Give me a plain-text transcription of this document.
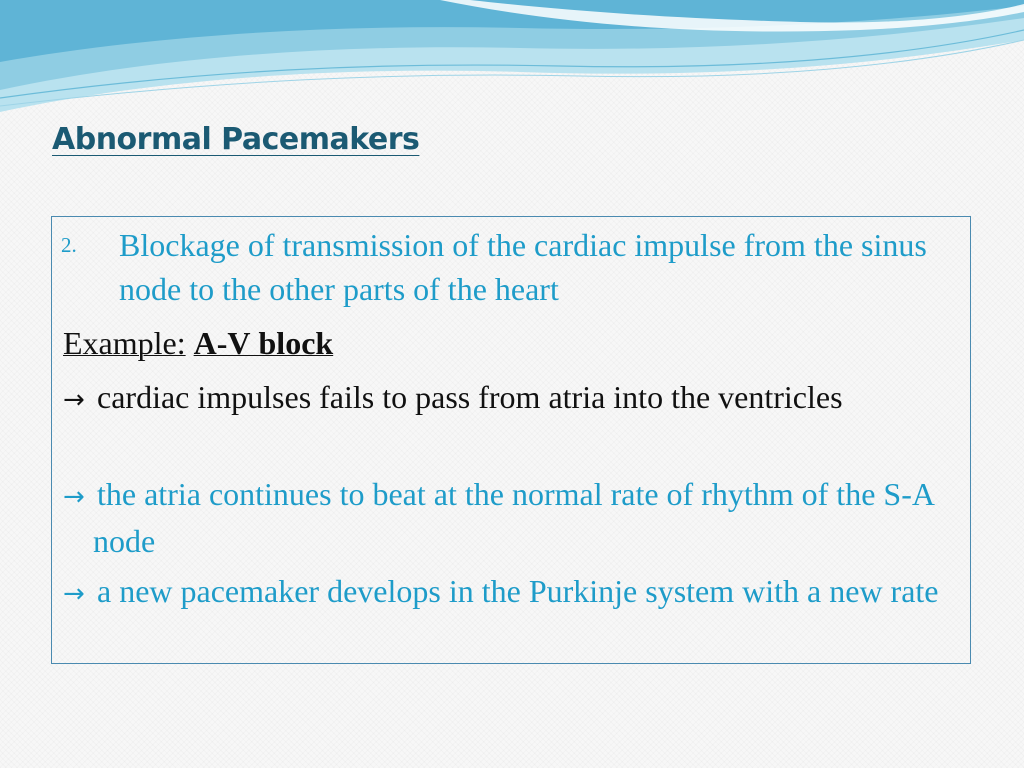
Abnormal Pacemakers
2. Blockage of transmission of the cardiac impulse from the sinus node to the other parts of the heart
Example: A-V block
→ cardiac impulses fails to pass from atria into the ventricles
→ the atria continues to beat at the normal rate of rhythm of the S-A node
→ a new pacemaker develops in the Purkinje system with a new rate
